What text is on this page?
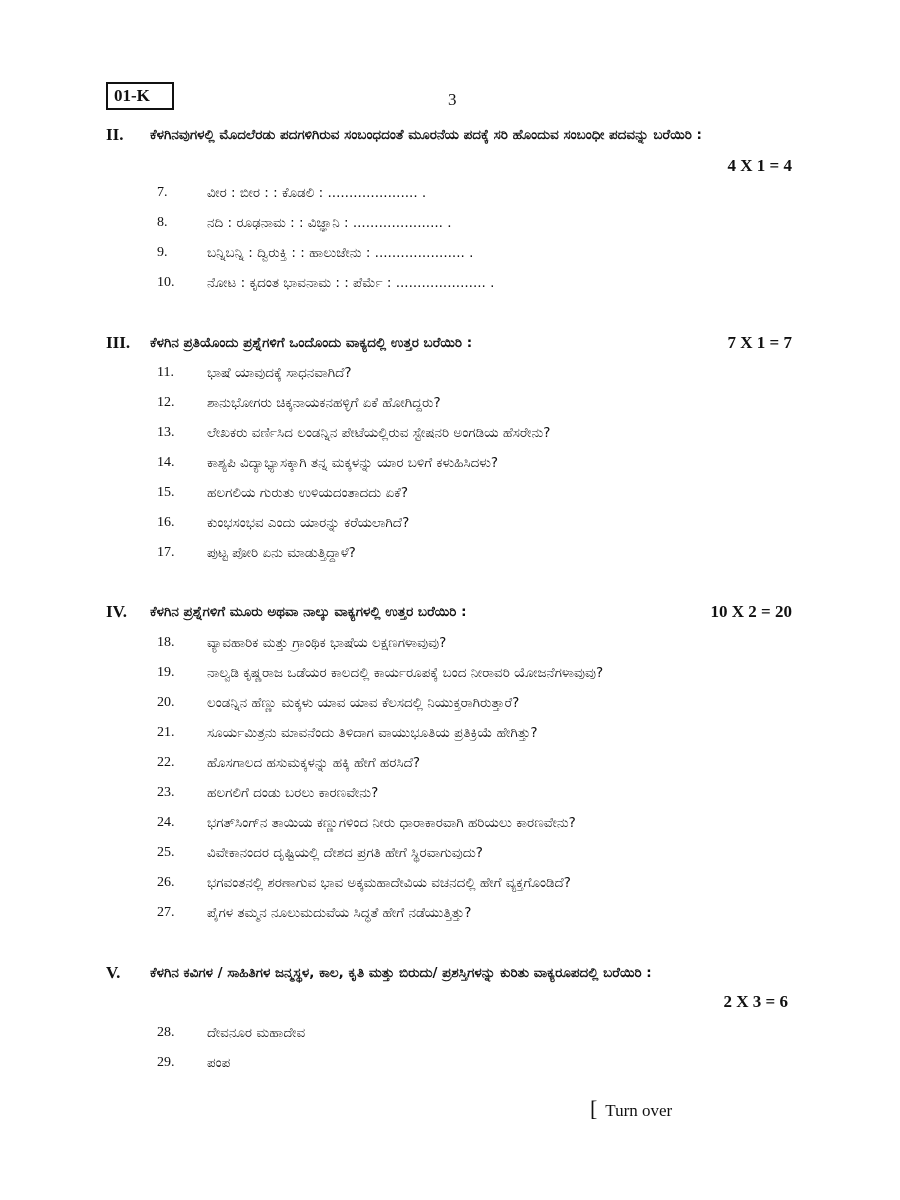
01-K	3
II. ಕೆಳಗಿನವುಗಳಲ್ಲಿ ಮೊದಲೆರಡು ಪದಗಳಿಗಿರುವ ಸಂಬಂಧದಂತೆ ಮೂರನೆಯ ಪದಕ್ಕೆ ಸರಿ ಹೊಂದುವ ಸಂಬಂಧೀ ಪದವನ್ನು ಬರೆಯಿರಿ :
4 X 1 = 4
7.	ವೀರ : ಬೀರ : : ಕೊಡಲಿ : ..................... .
8.	ನದಿ : ರೂಢನಾಮ : : ವಿಜ್ಞಾನಿ : ..................... .
9.	ಬನ್ನಿಬನ್ನಿ : ದ್ವಿರುಕ್ತಿ : : ಹಾಲುಜೇನು : ..................... .
10. ನೋಟ : ಕೃದಂತ ಭಾವನಾಮ : : ಪೆರ್ಮೆ : ..................... .
III. ಕೆಳಗಿನ ಪ್ರತಿಯೊಂದು ಪ್ರಶ್ನೆಗಳಿಗೆ ಒಂದೊಂದು ವಾಕ್ಯದಲ್ಲಿ ಉತ್ತರ ಬರೆಯಿರಿ :	7 X 1 = 7
11. ಭಾಷೆ ಯಾವುದಕ್ಕೆ ಸಾಧನವಾಗಿದೆ?
12. ಶಾನುಭೋಗರು ಚಿಕ್ಕನಾಯಕನಹಳ್ಳಿಗೆ ಏಕೆ ಹೋಗಿದ್ದರು?
13. ಲೇಖಕರು ವರ್ಣಿಸಿದ ಲಂಡನ್ನಿನ ಪೇಟೆಯಲ್ಲಿರುವ ಸ್ಟೇಷನರಿ ಅಂಗಡಿಯ ಹೆಸರೇನು?
14. ಕಾಶ್ಯಪಿ ವಿದ್ಯಾಭ್ಯಾಸಕ್ಕಾಗಿ ತನ್ನ ಮಕ್ಕಳನ್ನು ಯಾರ ಬಳಿಗೆ ಕಳುಹಿಸಿದಳು?
15. ಹಲಗಲಿಯ ಗುರುತು ಉಳಿಯದಂತಾದದು ಏಕೆ?
16. ಕುಂಭಸಂಭವ ಎಂದು ಯಾರನ್ನು ಕರೆಯಲಾಗಿದೆ?
17. ಪುಟ್ಟ ಪೋರಿ ಏನು ಮಾಡುತ್ತಿದ್ದಾಳೆ?
IV. ಕೆಳಗಿನ ಪ್ರಶ್ನೆಗಳಿಗೆ ಮೂರು ಅಥವಾ ನಾಲ್ಕು ವಾಕ್ಯಗಳಲ್ಲಿ ಉತ್ತರ ಬರೆಯಿರಿ :	10 X 2 = 20
18. ವ್ಯಾವಹಾರಿಕ ಮತ್ತು ಗ್ರಾಂಥಿಕ ಭಾಷೆಯ ಲಕ್ಷಣಗಳಾವುವು?
19. ನಾಲ್ವಡಿ ಕೃಷ್ಣರಾಜ ಒಡೆಯರ ಕಾಲದಲ್ಲಿ ಕಾರ್ಯರೂಪಕ್ಕೆ ಬಂದ ನೀರಾವರಿ ಯೋಜನೆಗಳಾವುವು?
20. ಲಂಡನ್ನಿನ ಹೆಣ್ಣು ಮಕ್ಕಳು ಯಾವ ಯಾವ ಕೆಲಸದಲ್ಲಿ ನಿಯುಕ್ತರಾಗಿರುತ್ತಾರೆ?
21. ಸೂರ್ಯಮಿತ್ರನು ಮಾವನೆಂದು ತಿಳಿದಾಗ ವಾಯುಭೂತಿಯ ಪ್ರತಿಕ್ರಿಯೆ ಹೇಗಿತ್ತು?
22. ಹೊಸಗಾಲದ ಹಸುಮಕ್ಕಳನ್ನು ಹಕ್ಕಿ ಹೇಗೆ ಹರಸಿದೆ?
23. ಹಲಗಲಿಗೆ ದಂಡು ಬರಲು ಕಾರಣವೇನು?
24. ಭಗತ್‌ಸಿಂಗ್‌ನ ತಾಯಿಯ ಕಣ್ಣುಗಳಿಂದ ನೀರು ಧಾರಾಕಾರವಾಗಿ ಹರಿಯಲು ಕಾರಣವೇನು?
25. ವಿವೇಕಾನಂದರ ದೃಷ್ಟಿಯಲ್ಲಿ ದೇಶದ ಪ್ರಗತಿ ಹೇಗೆ ಸ್ಥಿರವಾಗುವುದು?
26. ಭಗವಂತನಲ್ಲಿ ಶರಣಾಗುವ ಭಾವ ಅಕ್ಕಮಹಾದೇವಿಯ ವಚನದಲ್ಲಿ ಹೇಗೆ ವ್ಯಕ್ತಗೊಂಡಿದೆ?
27. ಪೈಗಳ ತಮ್ಮನ ನೂಲುಮದುವೆಯ ಸಿದ್ಧತೆ ಹೇಗೆ ನಡೆಯುತ್ತಿತ್ತು?
V. ಕೆಳಗಿನ ಕವಿಗಳ / ಸಾಹಿತಿಗಳ ಜನ್ಮಸ್ಥಳ, ಕಾಲ, ಕೃತಿ ಮತ್ತು ಬಿರುದು/ ಪ್ರಶಸ್ತಿಗಳನ್ನು ಕುರಿತು ವಾಕ್ಯರೂಪದಲ್ಲಿ ಬರೆಯಿರಿ :
2 X 3 = 6
28. ದೇವನೂರ ಮಹಾದೇವ
29. ಪಂಪ
[ Turn over
